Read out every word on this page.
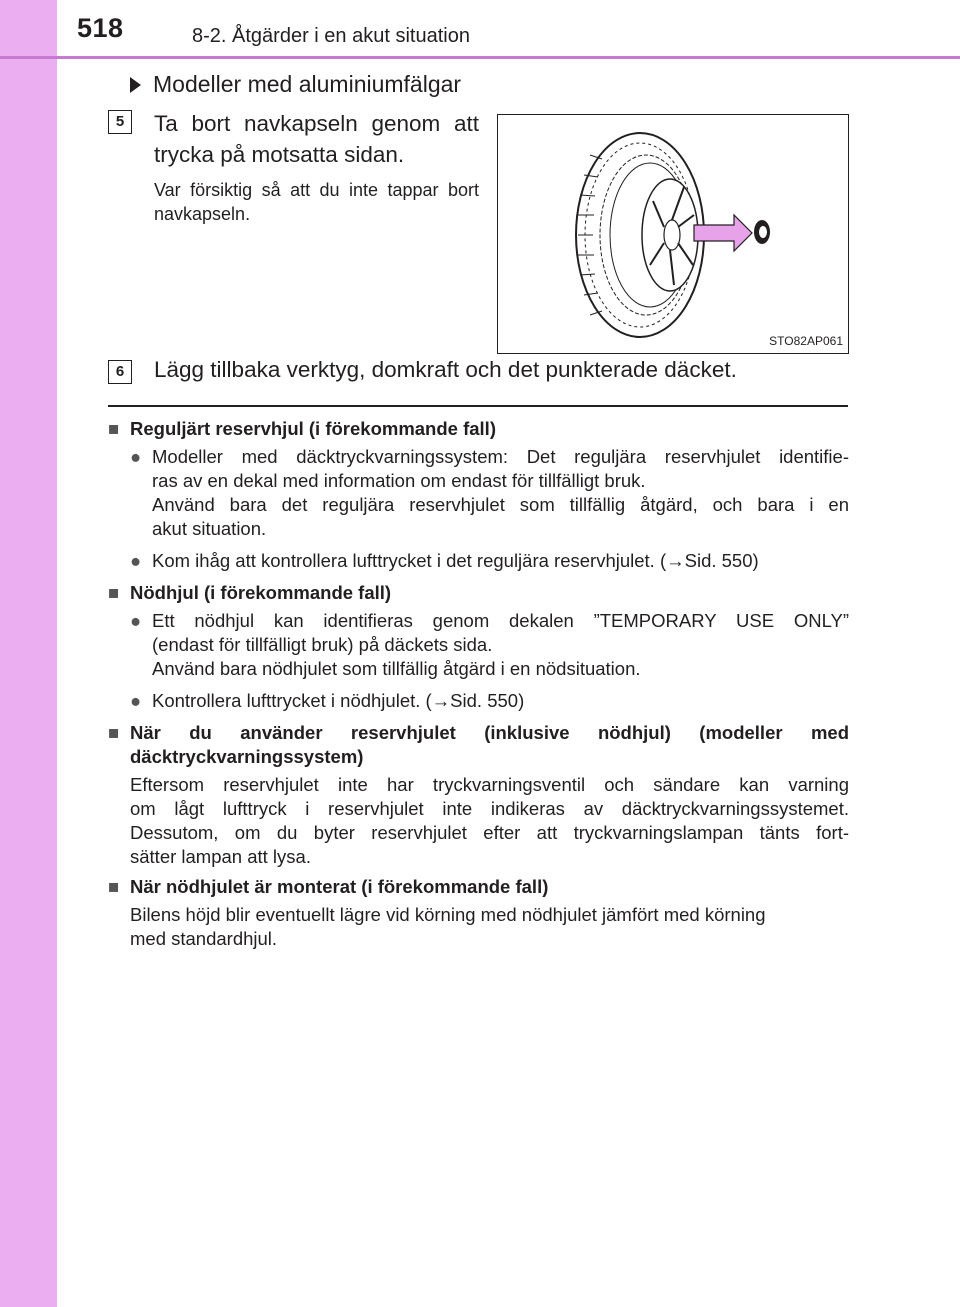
518	8-2. Åtgärder i en akut situation
Modeller med aluminiumfälgar
5	Ta bort navkapseln genom att trycka på motsatta sidan.
Var försiktig så att du inte tappar bort navkapseln.
STO82AP061
6	Lägg tillbaka verktyg, domkraft och det punkterade däcket.
■ Reguljärt reservhjul (i förekommande fall)
● Modeller med däcktryckvarningssystem: Det reguljära reservhjulet identifie-
ras av en dekal med information om endast för tillfälligt bruk.
Använd bara det reguljära reservhjulet som tillfällig åtgärd, och bara i en
akut situation.
● Kom ihåg att kontrollera lufttrycket i det reguljära reservhjulet. (→Sid. 550)
■ Nödhjul (i förekommande fall)
● Ett nödhjul kan identifieras genom dekalen ”TEMPORARY USE ONLY”
(endast för tillfälligt bruk) på däckets sida.
Använd bara nödhjulet som tillfällig åtgärd i en nödsituation.
● Kontrollera lufttrycket i nödhjulet. (→Sid. 550)
■ När du använder reservhjulet (inklusive nödhjul) (modeller med
däcktryckvarningssystem)
Eftersom reservhjulet inte har tryckvarningsventil och sändare kan varning
om lågt lufttryck i reservhjulet inte indikeras av däcktryckvarningssystemet.
Dessutom, om du byter reservhjulet efter att tryckvarningslampan tänts fort-
sätter lampan att lysa.
■ När nödhjulet är monterat (i förekommande fall)
Bilens höjd blir eventuellt lägre vid körning med nödhjulet jämfört med körning
med standardhjul.
